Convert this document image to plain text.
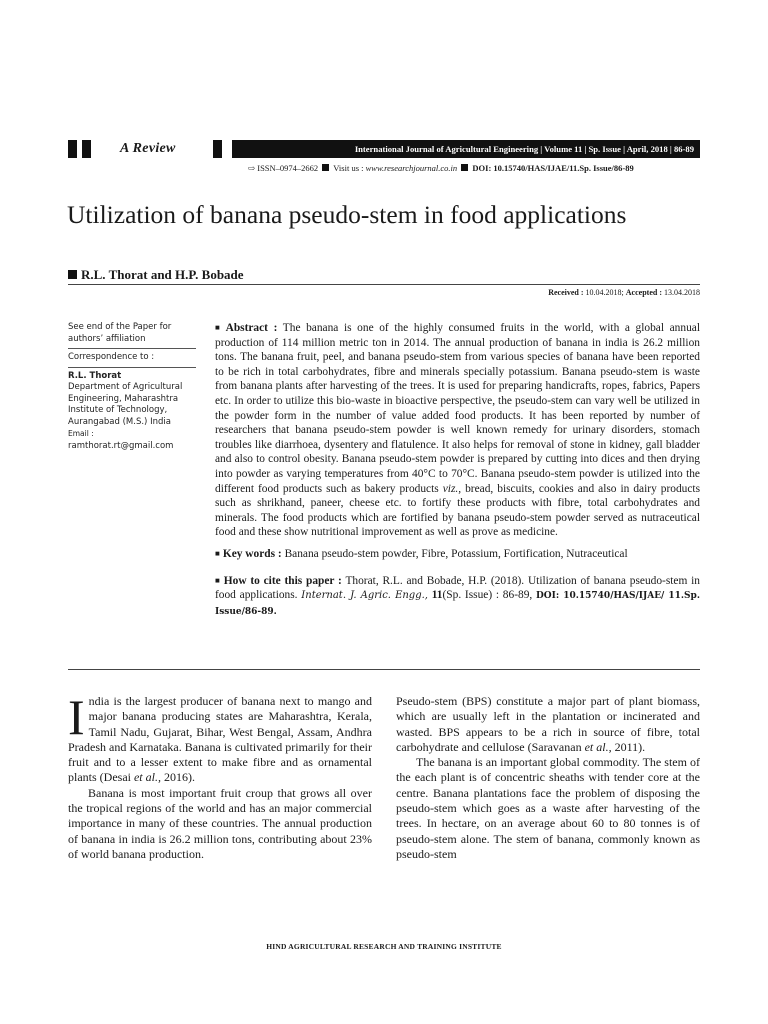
A Review	International Journal of Agricultural Engineering | Volume 11 | Sp. Issue | April, 2018 | 86-89
⇨ ISSN–0974–2662 Visit us : www.researchjournal.co.in DOI: 10.15740/HAS/IJAE/11.Sp. Issue/86-89
Utilization of banana pseudo-stem in food applications
R.L. Thorat and H.P. Bobade
Received : 10.04.2018; Accepted : 13.04.2018
See end of the Paper for authors’ affiliation
Correspondence to :
R.L. Thorat
Department of Agricultural Engineering, Maharashtra Institute of Technology, Aurangabad (M.S.) India
Email : ramthorat.rt@gmail.com

■ Abstract : The banana is one of the highly consumed fruits in the world, with a global annual production of 114 million metric ton in 2014. The annual production of banana in india is 26.2 million tons. The banana fruit, peel, and banana pseudo-stem from various species of banana have been reported to be rich in total carbohydrates, fibre and minerals specially potassium. Banana pseudo-stem is waste from banana plants after harvesting of the trees. It is used for preparing handicrafts, ropes, fabrics, Papers etc. In order to utilize this bio-waste in bioactive perspective, the pseudo-stem can vary well be utilized in the powder form in the number of value added food products. It has been reported by number of researchers that banana pseudo-stem powder is well known remedy for urinary disorders, stomach troubles like diarrhoea, dysentery and flatulence. It also helps for removal of stone in kidney, gall bladder and also to control obesity. Banana pseudo-stem powder is prepared by cutting into dices and then drying into powder as varying temperatures from 40°C to 70°C. Banana pseudo-stem powder is utilized into the different food products such as bakery products viz., bread, biscuits, cookies and also in dairy products such as shrikhand, paneer, cheese etc. to fortify these products with fibre, total carbohydrates and minerals. The food products which are fortified by banana pseudo-stem powder served as nutraceutical food and these show nutritional improvement as well as prove as medicine.

■ Key words : Banana pseudo-stem powder, Fibre, Potassium, Fortification, Nutraceutical

■ How to cite this paper : Thorat, R.L. and Bobade, H.P. (2018). Utilization of banana pseudo-stem in food applications. Internat. J. Agric. Engg., 11(Sp. Issue) : 86-89, DOI: 10.15740/HAS/IJAE/ 11.Sp. Issue/86-89.

India is the largest producer of banana next to mango and major banana producing states are Maharashtra, Kerala, Tamil Nadu, Gujarat, Bihar, West Bengal, Assam, Andhra Pradesh and Karnataka. Banana is cultivated primarily for their fruit and to a lesser extent to make fibre and as ornamental plants (Desai et al., 2016).

Banana is most important fruit croup that grows all over the tropical regions of the world and has an major commercial importance in many of these countries. The annual production of banana in india is 26.2 million tons, contributing about 23% of world banana production.

Pseudo-stem (BPS) constitute a major part of plant biomass, which are usually left in the plantation or incinerated and wasted. BPS appears to be a rich in source of fibre, total carbohydrate and cellulose (Saravanan et al., 2011).

The banana is an important global commodity. The stem of the each plant is of concentric sheaths with tender core at the centre. Banana plantations face the problem of disposing the pseudo-stem which goes as a waste after harvesting of the trees. In hectare, on an average about 60 to 80 tonnes is of pseudo-stem alone. The stem of banana, commonly known as pseudo-stem

HIND AGRICULTURAL RESEARCH AND TRAINING INSTITUTE
